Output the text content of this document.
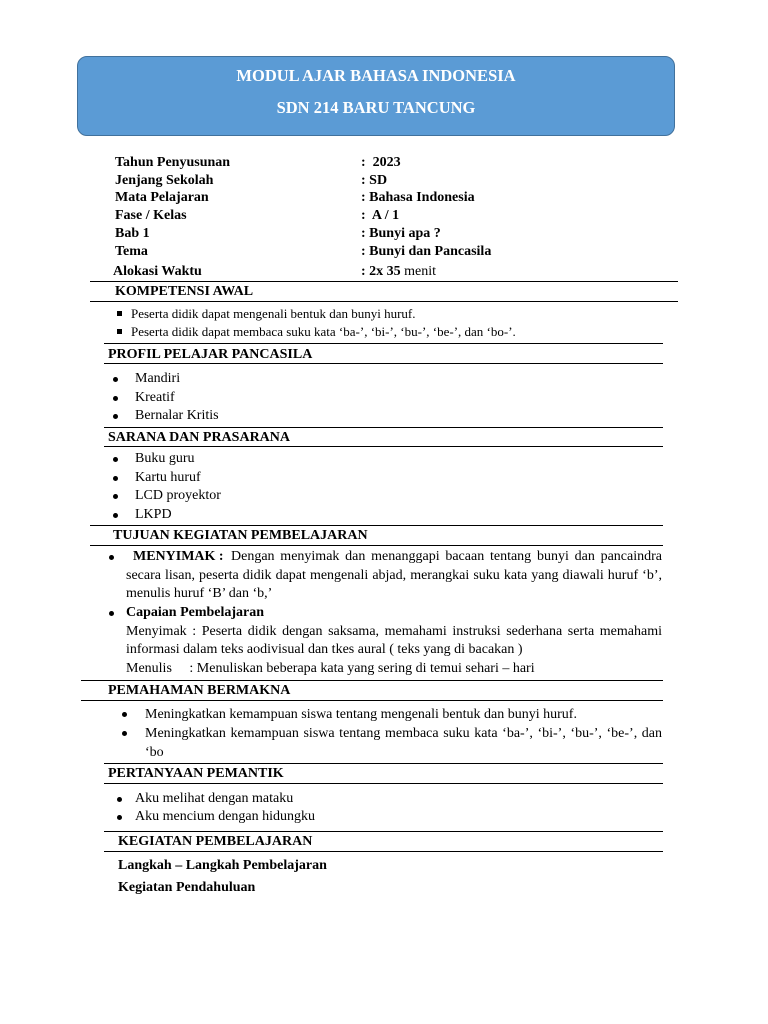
MODUL AJAR BAHASA INDONESIA
SDN 214 BARU TANCUNG
Tahun Penyusunan	:  2023
Jenjang Sekolah	: SD
Mata Pelajaran	: Bahasa Indonesia
Fase / Kelas	:  A / 1
Bab 1	: Bunyi apa ?
Tema	: Bunyi dan Pancasila
Alokasi Waktu	: 2x 35 menit
KOMPETENSI AWAL
Peserta didik dapat mengenali bentuk dan bunyi huruf.
Peserta didik dapat membaca suku kata ‘ba-’, ‘bi-’, ‘bu-’, ‘be-’, dan ‘bo-’.
PROFIL PELAJAR PANCASILA
Mandiri
Kreatif
Bernalar Kritis
SARANA DAN PRASARANA
Buku guru
Kartu huruf
LCD proyektor
LKPD
TUJUAN KEGIATAN PEMBELAJARAN
MENYIMAK : Dengan menyimak dan menanggapi bacaan tentang bunyi dan pancaindra
secara lisan, peserta didik dapat mengenali abjad, merangkai suku kata yang diawali huruf ‘b’,
menulis huruf ‘B’ dan ‘b,’
Capaian Pembelajaran
Menyimak : Peserta didik dengan saksama, memahami instruksi sederhana serta memahami
informasi dalam teks aodivisual dan tkes aural ( teks yang di bacakan )
Menulis     : Menuliskan beberapa kata yang sering di temui sehari – hari
PEMAHAMAN BERMAKNA
Meningkatkan kemampuan siswa tentang mengenali bentuk dan bunyi huruf.
Meningkatkan kemampuan siswa tentang membaca suku kata ‘ba-’, ‘bi-’, ‘bu-’, ‘be-’, dan
‘bo
PERTANYAAN PEMANTIK
Aku melihat dengan mataku
Aku mencium dengan hidungku
KEGIATAN PEMBELAJARAN
Langkah – Langkah Pembelajaran
Kegiatan Pendahuluan
